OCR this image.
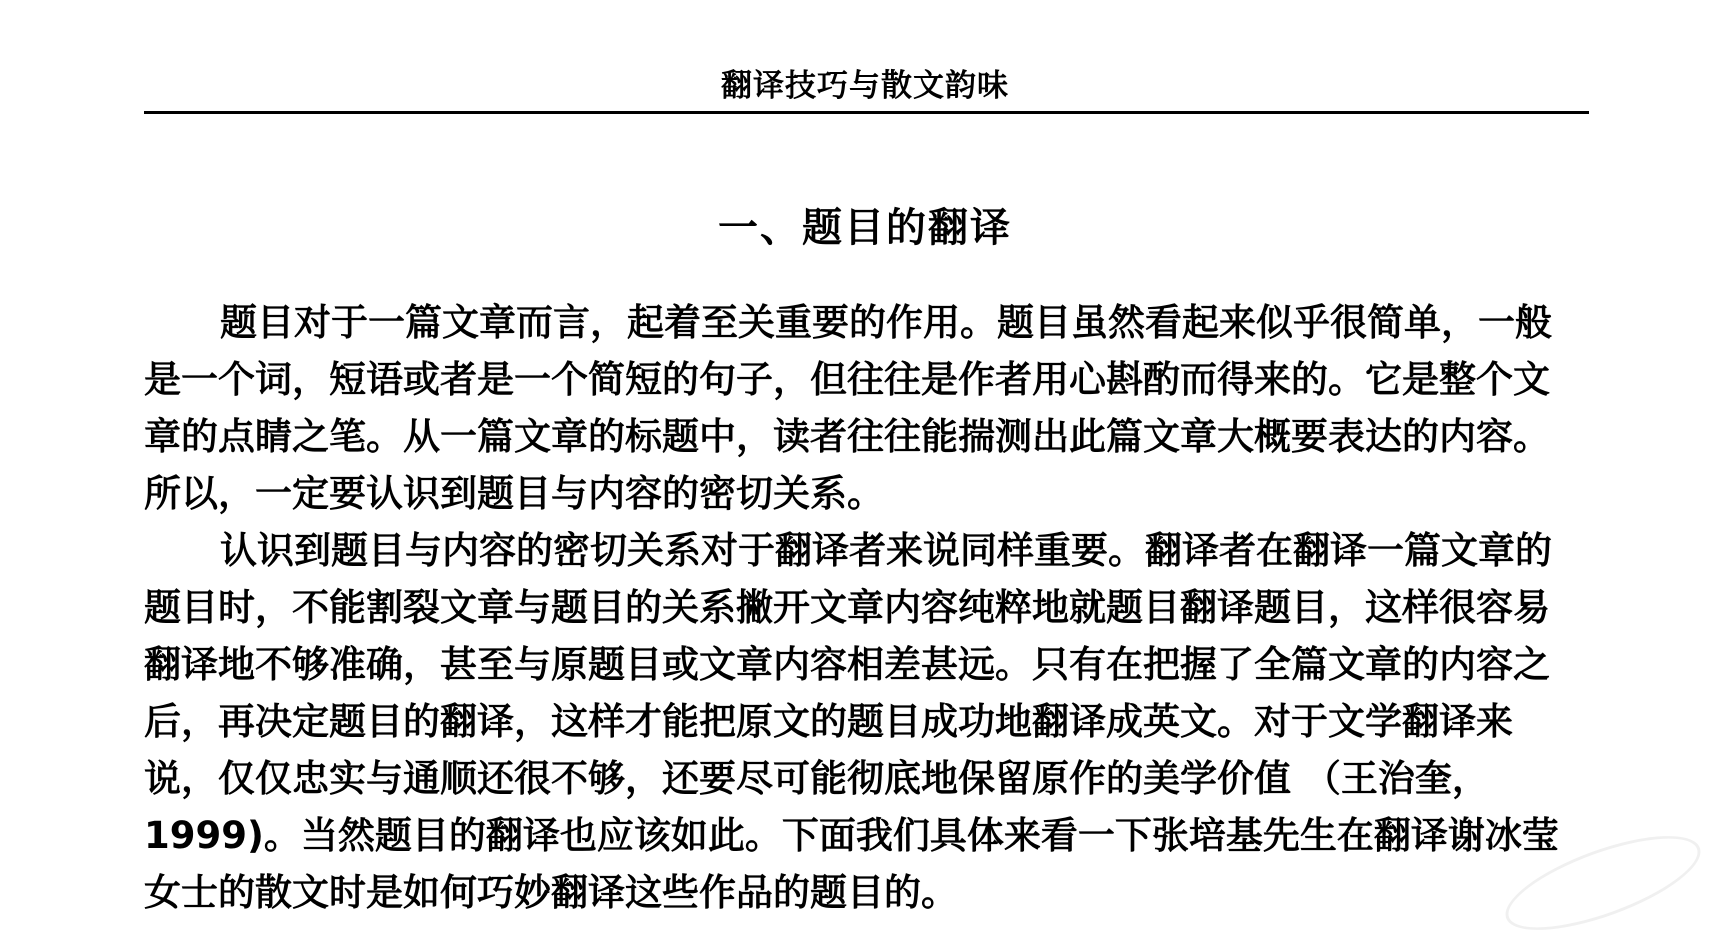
翻译技巧与散文韵味
一、题目的翻译
题目对于一篇文章而言，起着至关重要的作用。题目虽然看起来似乎很简单，一般
是一个词，短语或者是一个简短的句子，但往往是作者用心斟酌而得来的。它是整个文
章的点睛之笔。从一篇文章的标题中，读者往往能揣测出此篇文章大概要表达的内容。
所以，一定要认识到题目与内容的密切关系。
认识到题目与内容的密切关系对于翻译者来说同样重要。翻译者在翻译一篇文章的
题目时，不能割裂文章与题目的关系撇开文章内容纯粹地就题目翻译题目，这样很容易
翻译地不够准确，甚至与原题目或文章内容相差甚远。只有在把握了全篇文章的内容之
后，再决定题目的翻译，这样才能把原文的题目成功地翻译成英文。对于文学翻译来
说，仅仅忠实与通顺还很不够，还要尽可能彻底地保留原作的美学价值 （王治奎，
1999)。当然题目的翻译也应该如此。下面我们具体来看一下张培基先生在翻译谢冰莹
女士的散文时是如何巧妙翻译这些作品的题目的。
